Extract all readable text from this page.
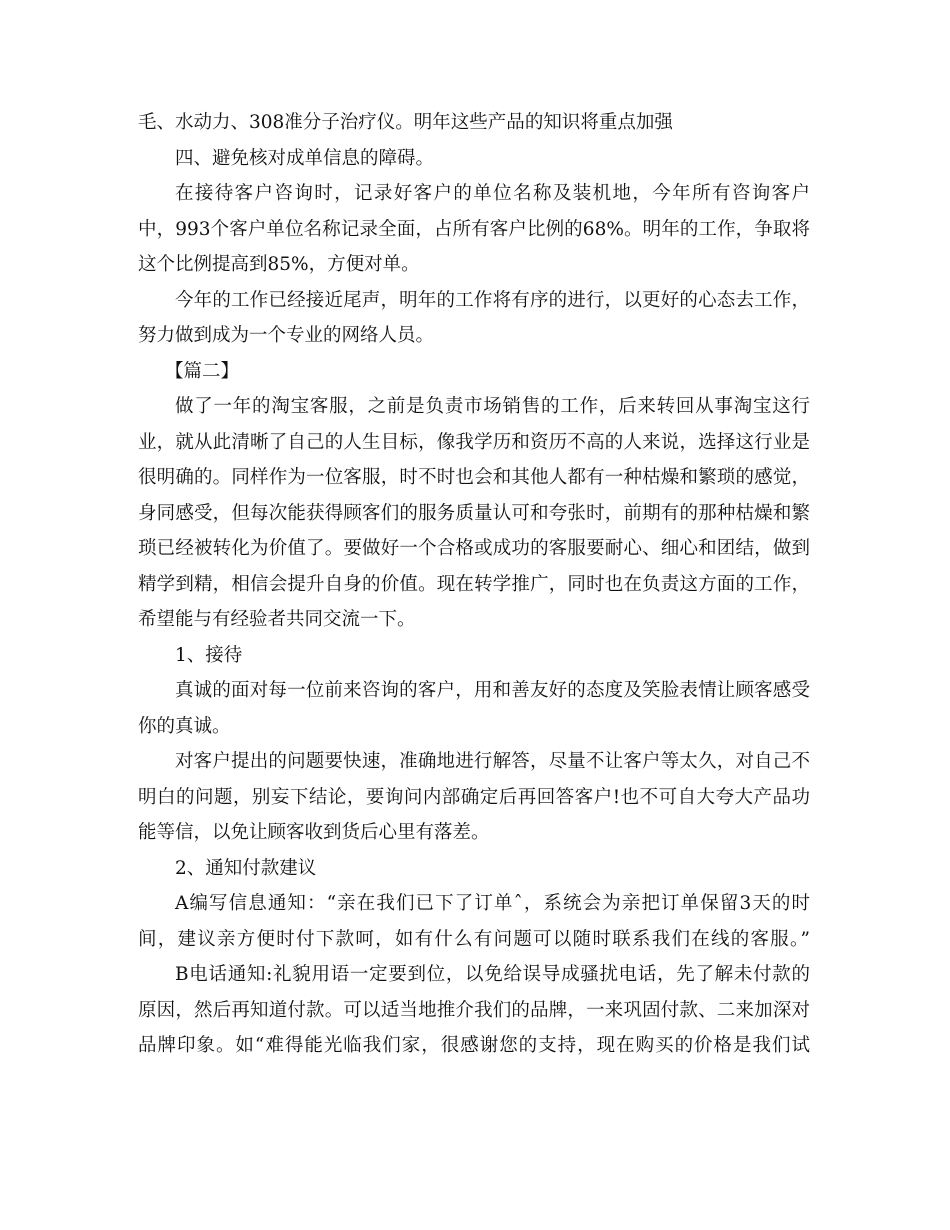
毛、水动力、308准分子治疗仪。明年这些产品的知识将重点加强
四、避免核对成单信息的障碍。
在接待客户咨询时，记录好客户的单位名称及装机地，今年所有咨询客户
中，993个客户单位名称记录全面，占所有客户比例的68%。明年的工作，争取将
这个比例提高到85%，方便对单。
今年的工作已经接近尾声，明年的工作将有序的进行，以更好的心态去工作，
努力做到成为一个专业的网络人员。
【篇二】
做了一年的淘宝客服，之前是负责市场销售的工作，后来转回从事淘宝这行
业，就从此清晰了自己的人生目标，像我学历和资历不高的人来说，选择这行业是
很明确的。同样作为一位客服，时不时也会和其他人都有一种枯燥和繁琐的感觉，
身同感受，但每次能获得顾客们的服务质量认可和夸张时，前期有的那种枯燥和繁
琐已经被转化为价值了。要做好一个合格或成功的客服要耐心、细心和团结，做到
精学到精，相信会提升自身的价值。现在转学推广，同时也在负责这方面的工作，
希望能与有经验者共同交流一下。
1、接待
真诚的面对每一位前来咨询的客户，用和善友好的态度及笑脸表情让顾客感受
你的真诚。
对客户提出的问题要快速，准确地进行解答，尽量不让客户等太久，对自己不
明白的问题，别妄下结论，要询问内部确定后再回答客户!也不可自大夸大产品功
能等信，以免让顾客收到货后心里有落差。
2、通知付款建议
A编写信息通知：“亲在我们已下了订单ˆ，系统会为亲把订单保留3天的时
间，建议亲方便时付下款呵，如有什么有问题可以随时联系我们在线的客服。”
B电话通知:礼貌用语一定要到位，以免给误导成骚扰电话，先了解未付款的
原因，然后再知道付款。可以适当地推介我们的品牌，一来巩固付款、二来加深对
品牌印象。如“难得能光临我们家，很感谢您的支持，现在购买的价格是我们试
